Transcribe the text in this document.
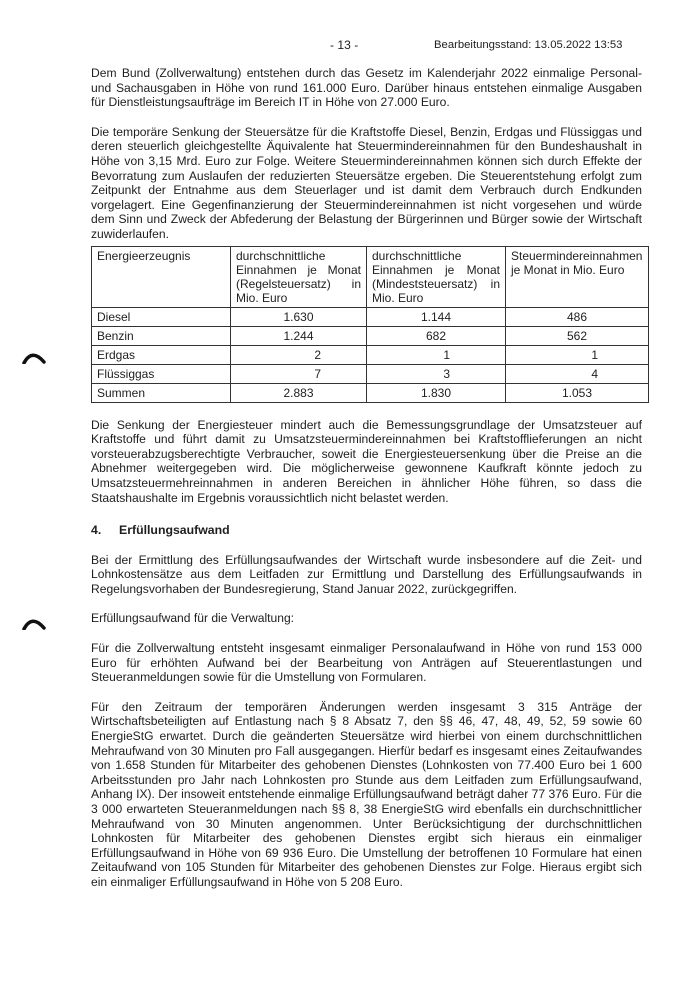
- 13 -	Bearbeitungsstand: 13.05.2022 13:53

Dem Bund (Zollverwaltung) entstehen durch das Gesetz im Kalenderjahr 2022 einmalige Personal- und Sachausgaben in Höhe von rund 161.000 Euro. Darüber hinaus entstehen einmalige Ausgaben für Dienstleistungsaufträge im Bereich IT in Höhe von 27.000 Euro.

Die temporäre Senkung der Steuersätze für die Kraftstoffe Diesel, Benzin, Erdgas und Flüssiggas und deren steuerlich gleichgestellte Äquivalente hat Steuermindereinnahmen für den Bundeshaushalt in Höhe von 3,15 Mrd. Euro zur Folge. Weitere Steuermindereinnahmen können sich durch Effekte der Bevorratung zum Auslaufen der reduzierten Steuersätze ergeben. Die Steuerentstehung erfolgt zum Zeitpunkt der Entnahme aus dem Steuerlager und ist damit dem Verbrauch durch Endkunden vorgelagert. Eine Gegenfinanzierung der Steuermindereinnahmen ist nicht vorgesehen und würde dem Sinn und Zweck der Abfederung der Belastung der Bürgerinnen und Bürger sowie der Wirtschaft zuwiderlaufen.

Energieerzeugnis	durchschnittliche Einnahmen je Monat (Regelsteuersatz) in Mio. Euro	durchschnittliche Einnahmen je Monat (Mindeststeuersatz) in Mio. Euro	Steuermindereinnahmen je Monat in Mio. Euro
Diesel	1.630	1.144	486
Benzin	1.244	682	562
Erdgas	2	1	1
Flüssiggas	7	3	4
Summen	2.883	1.830	1.053

Die Senkung der Energiesteuer mindert auch die Bemessungsgrundlage der Umsatzsteuer auf Kraftstoffe und führt damit zu Umsatzsteuermindereinnahmen bei Kraftstofflieferungen an nicht vorsteuerabzugsberechtigte Verbraucher, soweit die Energiesteuersenkung über die Preise an die Abnehmer weitergegeben wird. Die möglicherweise gewonnene Kaufkraft könnte jedoch zu Umsatzsteuermehreinnahmen in anderen Bereichen in ähnlicher Höhe führen, so dass die Staatshaushalte im Ergebnis voraussichtlich nicht belastet werden.

4. Erfüllungsaufwand

Bei der Ermittlung des Erfüllungsaufwandes der Wirtschaft wurde insbesondere auf die Zeit- und Lohnkostensätze aus dem Leitfaden zur Ermittlung und Darstellung des Erfüllungsaufwands in Regelungsvorhaben der Bundesregierung, Stand Januar 2022, zurückgegriffen.

Erfüllungsaufwand für die Verwaltung:

Für die Zollverwaltung entsteht insgesamt einmaliger Personalaufwand in Höhe von rund 153 000 Euro für erhöhten Aufwand bei der Bearbeitung von Anträgen auf Steuerentlastungen und Steueranmeldungen sowie für die Umstellung von Formularen.

Für den Zeitraum der temporären Änderungen werden insgesamt 3 315 Anträge der Wirtschaftsbeteiligten auf Entlastung nach § 8 Absatz 7, den §§ 46, 47, 48, 49, 52, 59 sowie 60 EnergieStG erwartet. Durch die geänderten Steuersätze wird hierbei von einem durchschnittlichen Mehraufwand von 30 Minuten pro Fall ausgegangen. Hierfür bedarf es insgesamt eines Zeitaufwandes von 1.658 Stunden für Mitarbeiter des gehobenen Dienstes (Lohnkosten von 77.400 Euro bei 1 600 Arbeitsstunden pro Jahr nach Lohnkosten pro Stunde aus dem Leitfaden zum Erfüllungsaufwand, Anhang IX). Der insoweit entstehende einmalige Erfüllungsaufwand beträgt daher 77 376 Euro. Für die 3 000 erwarteten Steueranmeldungen nach §§ 8, 38 EnergieStG wird ebenfalls ein durchschnittlicher Mehraufwand von 30 Minuten angenommen. Unter Berücksichtigung der durchschnittlichen Lohnkosten für Mitarbeiter des gehobenen Dienstes ergibt sich hieraus ein einmaliger Erfüllungsaufwand in Höhe von 69 936 Euro. Die Umstellung der betroffenen 10 Formulare hat einen Zeitaufwand von 105 Stunden für Mitarbeiter des gehobenen Dienstes zur Folge. Hieraus ergibt sich ein einmaliger Erfüllungsaufwand in Höhe von 5 208 Euro.
